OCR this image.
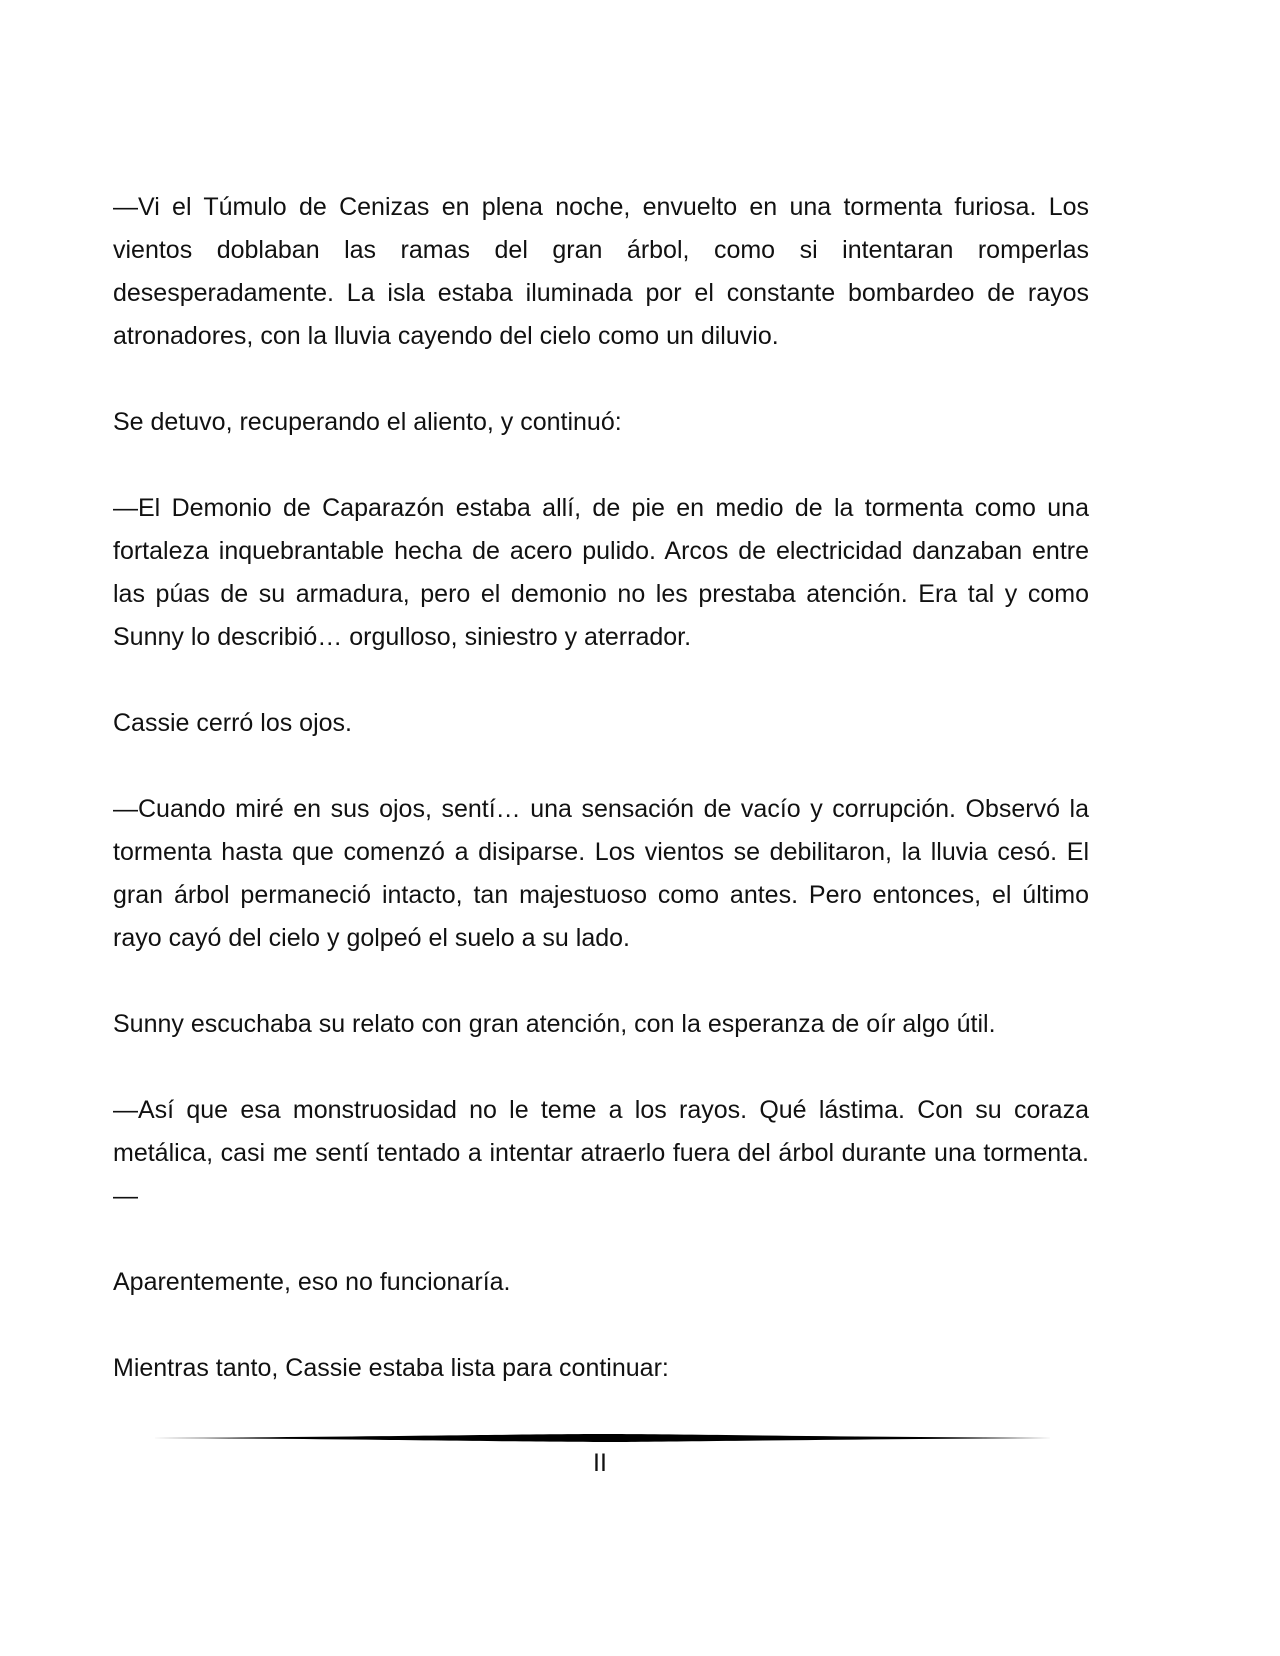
—Vi el Túmulo de Cenizas en plena noche, envuelto en una tormenta furiosa. Los vientos doblaban las ramas del gran árbol, como si intentaran romperlas desesperadamente. La isla estaba iluminada por el constante bombardeo de rayos atronadores, con la lluvia cayendo del cielo como un diluvio.

Se detuvo, recuperando el aliento, y continuó:

—El Demonio de Caparazón estaba allí, de pie en medio de la tormenta como una fortaleza inquebrantable hecha de acero pulido. Arcos de electricidad danzaban entre las púas de su armadura, pero el demonio no les prestaba atención. Era tal y como Sunny lo describió… orgulloso, siniestro y aterrador.

Cassie cerró los ojos.

—Cuando miré en sus ojos, sentí… una sensación de vacío y corrupción. Observó la tormenta hasta que comenzó a disiparse. Los vientos se debilitaron, la lluvia cesó. El gran árbol permaneció intacto, tan majestuoso como antes. Pero entonces, el último rayo cayó del cielo y golpeó el suelo a su lado.

Sunny escuchaba su relato con gran atención, con la esperanza de oír algo útil.

—Así que esa monstruosidad no le teme a los rayos. Qué lástima. Con su coraza metálica, casi me sentí tentado a intentar atraerlo fuera del árbol durante una tormenta.—

Aparentemente, eso no funcionaría.

Mientras tanto, Cassie estaba lista para continuar:

II
